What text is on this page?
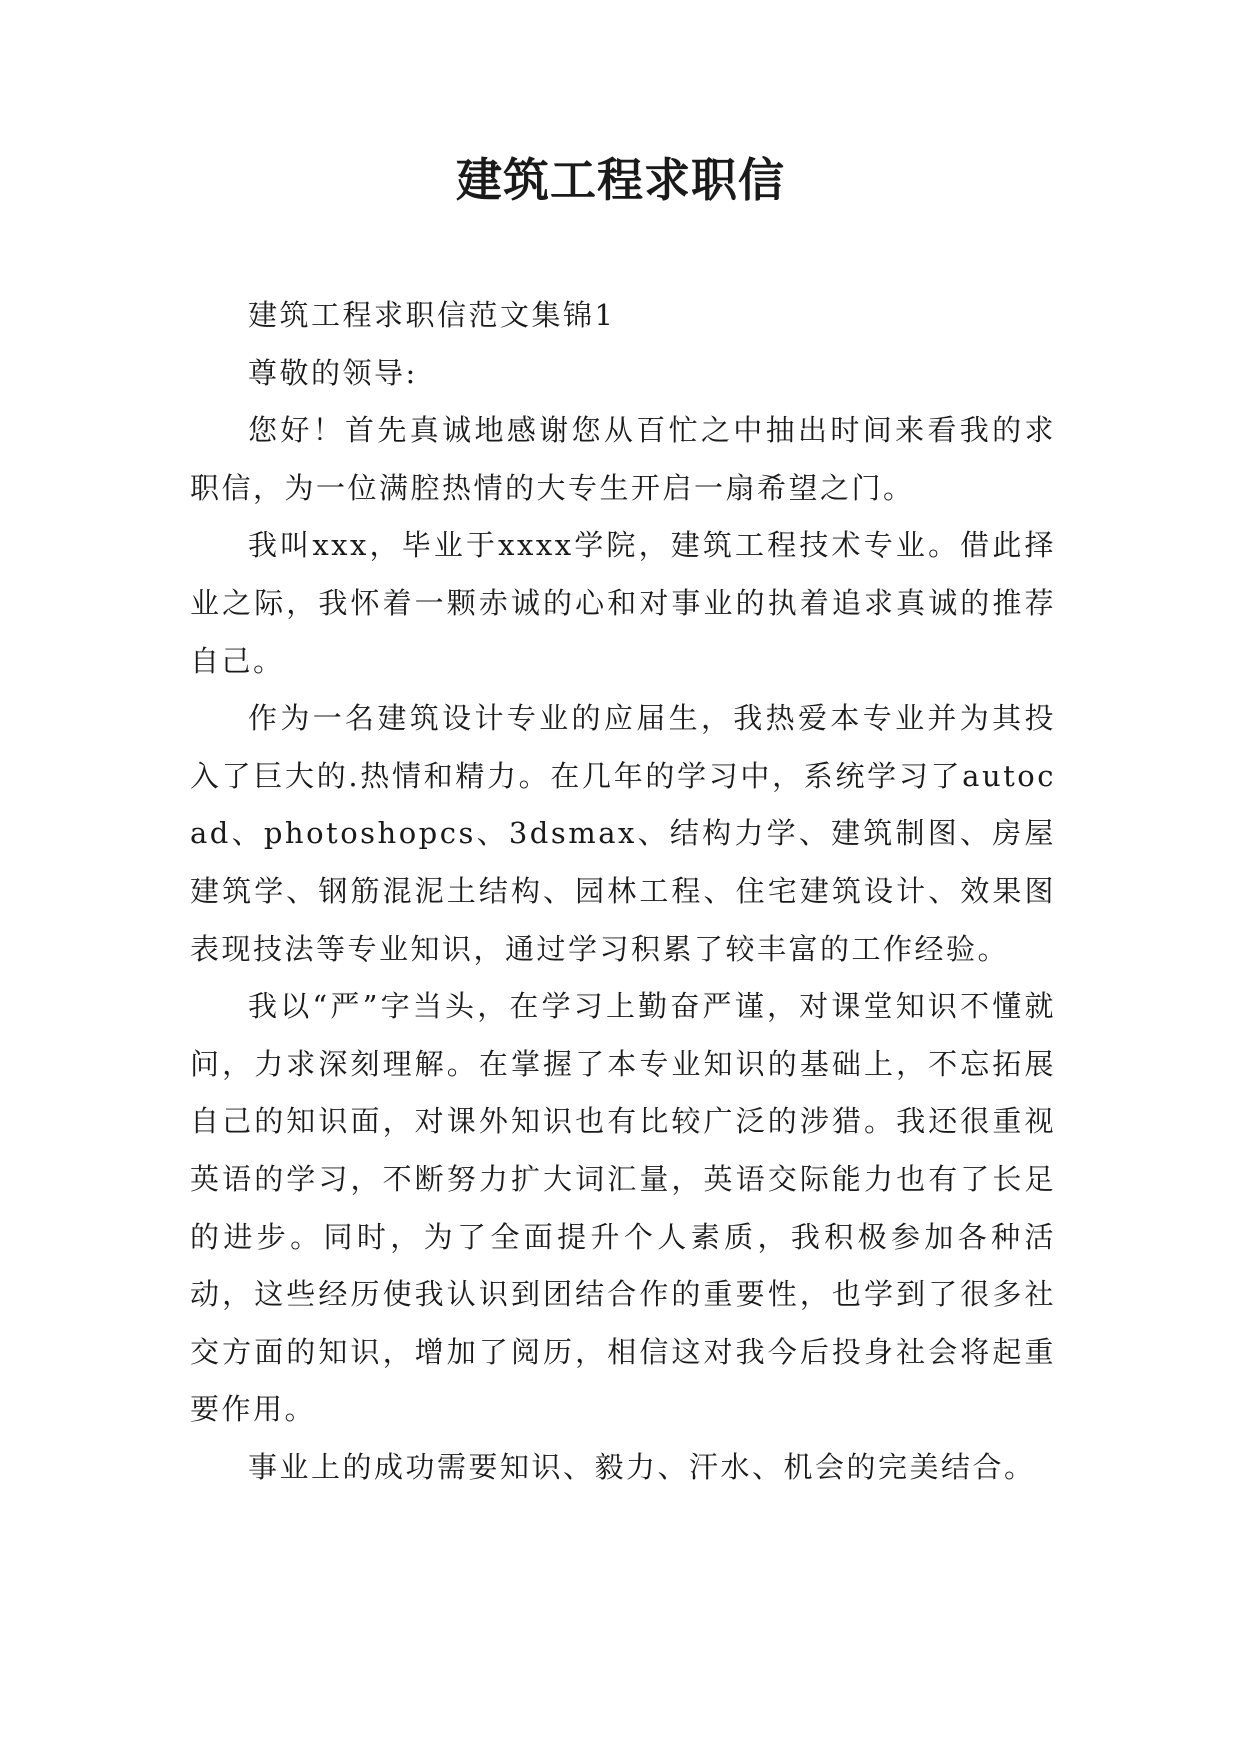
建筑工程求职信

建筑工程求职信范文集锦1

尊敬的领导:

您好！首先真诚地感谢您从百忙之中抽出时间来看我的求职信，为一位满腔热情的大专生开启一扇希望之门。

我叫xxx，毕业于xxxx学院，建筑工程技术专业。借此择业之际，我怀着一颗赤诚的心和对事业的执着追求真诚的推荐自己。

作为一名建筑设计专业的应届生，我热爱本专业并为其投入了巨大的.热情和精力。在几年的学习中，系统学习了autocad、photoshopcs、3dsmax、结构力学、建筑制图、房屋建筑学、钢筋混泥土结构、园林工程、住宅建筑设计、效果图表现技法等专业知识，通过学习积累了较丰富的工作经验。

我以“严”字当头，在学习上勤奋严谨，对课堂知识不懂就问，力求深刻理解。在掌握了本专业知识的基础上，不忘拓展自己的知识面，对课外知识也有比较广泛的涉猎。我还很重视英语的学习，不断努力扩大词汇量，英语交际能力也有了长足的进步。同时，为了全面提升个人素质，我积极参加各种活动，这些经历使我认识到团结合作的重要性，也学到了很多社交方面的知识，增加了阅历，相信这对我今后投身社会将起重要作用。

事业上的成功需要知识、毅力、汗水、机会的完美结合。
